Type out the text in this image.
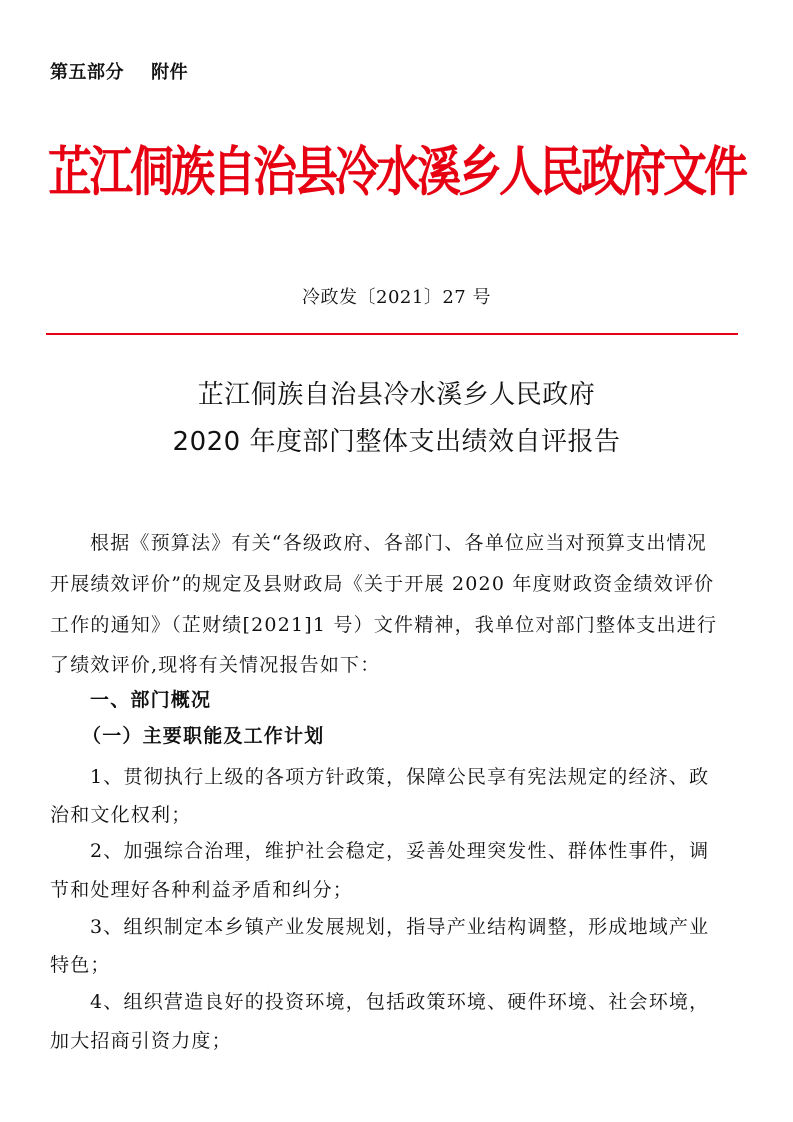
第五部分    附件
芷江侗族自治县冷水溪乡人民政府文件
冷政发〔2021〕27 号
芷江侗族自治县冷水溪乡人民政府
2020 年度部门整体支出绩效自评报告
根据《预算法》有关“各级政府、各部门、各单位应当对预算支出情况
开展绩效评价”的规定及县财政局《关于开展 2020 年度财政资金绩效评价
工作的通知》（芷财绩[2021]1 号）文件精神，我单位对部门整体支出进行
了绩效评价,现将有关情况报告如下：
一、部门概况
（一）主要职能及工作计划
1、贯彻执行上级的各项方针政策，保障公民享有宪法规定的经济、政
治和文化权利；
2、加强综合治理，维护社会稳定，妥善处理突发性、群体性事件，调
节和处理好各种利益矛盾和纠分；
3、组织制定本乡镇产业发展规划，指导产业结构调整，形成地域产业
特色；
4、组织营造良好的投资环境，包括政策环境、硬件环境、社会环境，
加大招商引资力度；
